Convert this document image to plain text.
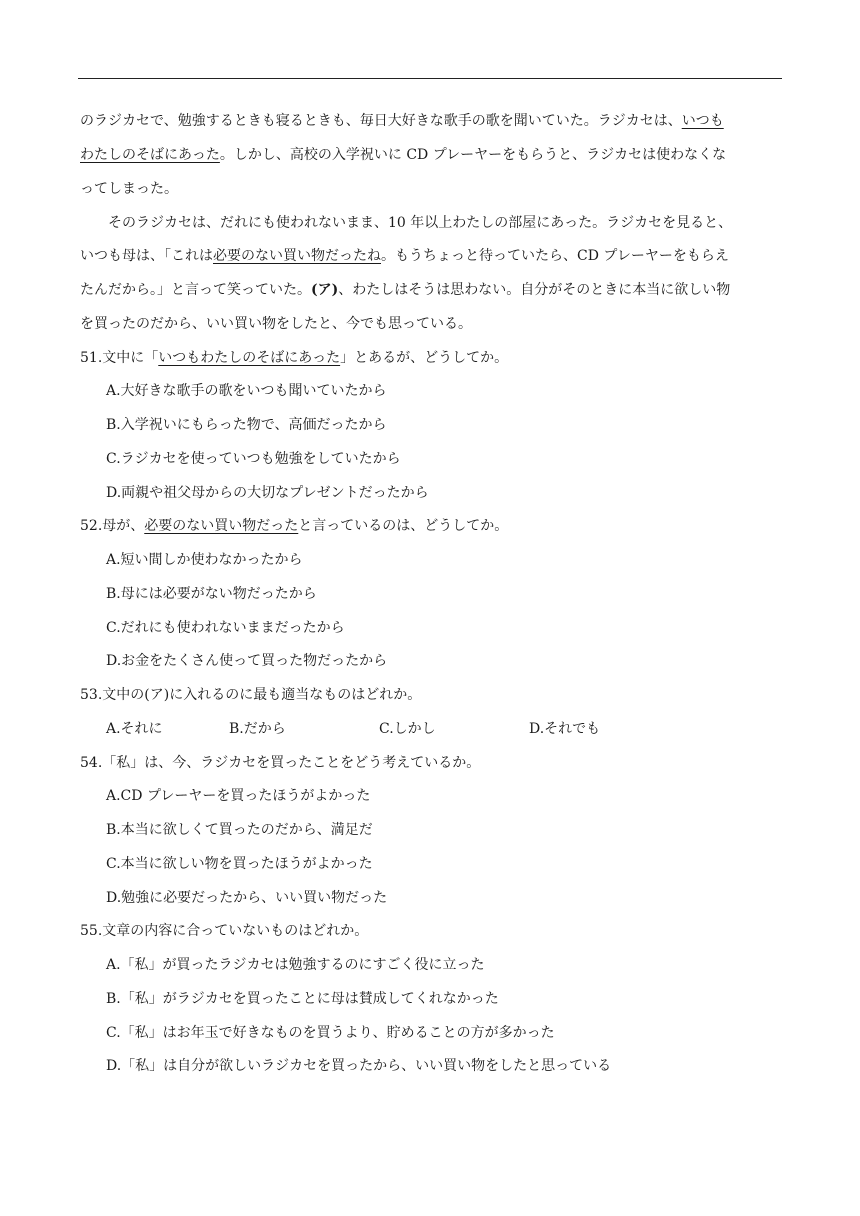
のラジカセで、勉強するときも寝るときも、毎日大好きな歌手の歌を聞いていた。ラジカセは、いつも
わたしのそばにあった。しかし、高校の入学祝いに CD プレーヤーをもらうと、ラジカセは使わなくな
ってしまった。
そのラジカセは、だれにも使われないまま、10 年以上わたしの部屋にあった。ラジカセを見ると、
いつも母は、「これは必要のない買い物だったね。もうちょっと待っていたら、CD プレーヤーをもらえ
たんだから。」と言って笑っていた。(ア)、わたしはそうは思わない。自分がそのときに本当に欲しい物
を買ったのだから、いい買い物をしたと、今でも思っている。
51.文中に「いつもわたしのそばにあった」とあるが、どうしてか。
A.大好きな歌手の歌をいつも聞いていたから
B.入学祝いにもらった物で、高価だったから
C.ラジカセを使っていつも勉強をしていたから
D.両親や祖父母からの大切なプレゼントだったから
52.母が、必要のない買い物だったと言っているのは、どうしてか。
A.短い間しか使わなかったから
B.母には必要がない物だったから
C.だれにも使われないままだったから
D.お金をたくさん使って買った物だったから
53.文中の(ア)に入れるのに最も適当なものはどれか。
A.それに	B.だから	C.しかし	D.それでも
54.「私」は、今、ラジカセを買ったことをどう考えているか。
A.CD プレーヤーを買ったほうがよかった
B.本当に欲しくて買ったのだから、満足だ
C.本当に欲しい物を買ったほうがよかった
D.勉強に必要だったから、いい買い物だった
55.文章の内容に合っていないものはどれか。
A.「私」が買ったラジカセは勉強するのにすごく役に立った
B.「私」がラジカセを買ったことに母は賛成してくれなかった
C.「私」はお年玉で好きなものを買うより、貯めることの方が多かった
D.「私」は自分が欲しいラジカセを買ったから、いい買い物をしたと思っている
